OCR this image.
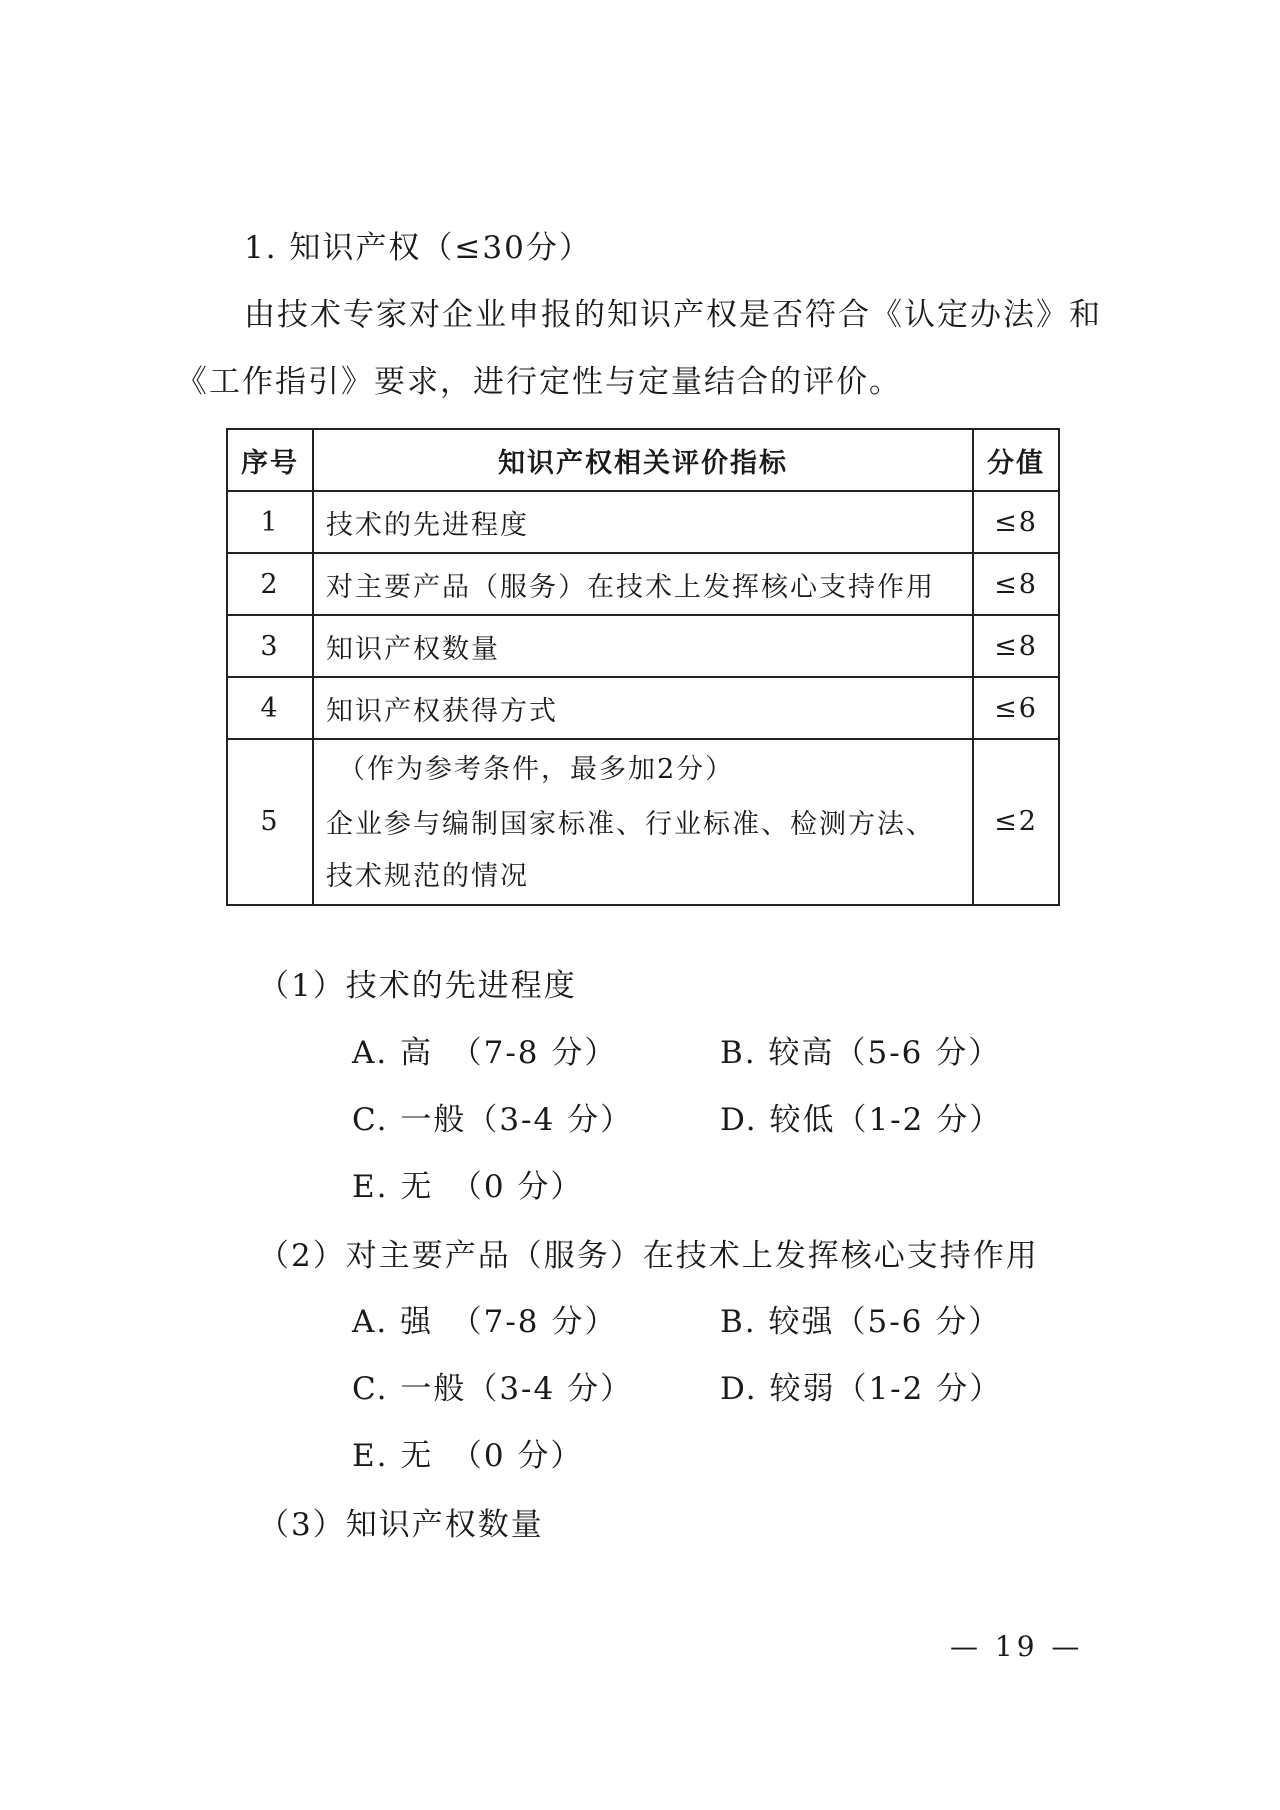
1. 知识产权（≤30分）
由技术专家对企业申报的知识产权是否符合《认定办法》和
《工作指引》要求，进行定性与定量结合的评价。
序号	知识产权相关评价指标	分值
1	技术的先进程度	≤8
2	对主要产品（服务）在技术上发挥核心支持作用	≤8
3	知识产权数量	≤8
4	知识产权获得方式	≤6
5	（作为参考条件，最多加2分）
企业参与编制国家标准、行业标准、检测方法、
技术规范的情况	≤2
（1）技术的先进程度
A. 高　（7-8 分）	B. 较高（5-6 分）
C. 一般（3-4 分）	D. 较低（1-2 分）
E. 无　（0 分）
（2）对主要产品（服务）在技术上发挥核心支持作用
A. 强　（7-8 分）	B. 较强（5-6 分）
C. 一般（3-4 分）	D. 较弱（1-2 分）
E. 无　（0 分）
（3）知识产权数量
— 19 —
